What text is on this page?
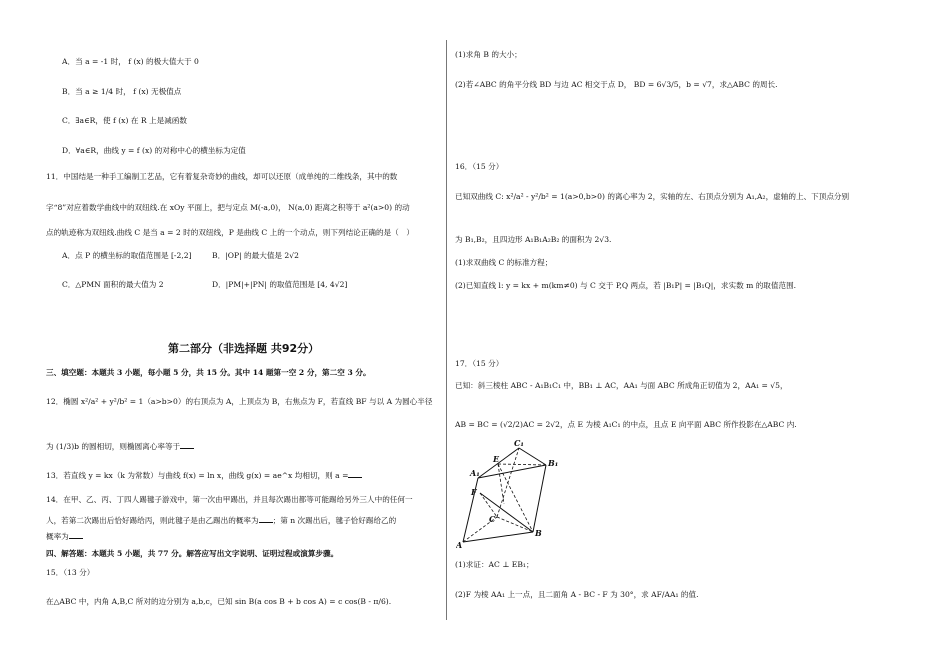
A．当 a = -1 时， f (x) 的极大值大于 0
B．当 a ≥ 1/4 时， f (x) 无极值点
C．∃a∈R，使 f (x) 在 R 上是减函数
D．∀a∈R，曲线 y = f (x) 的对称中心的横坐标为定值
11．中国结是一种手工编制工艺品，它有着复杂奇妙的曲线，却可以还原（成单纯的二维线条，其中的数
字“8”对应着数学曲线中的双纽线.在 xOy 平面上，把与定点 M(-a,0)， N(a,0) 距离之积等于 a²(a>0) 的动
点的轨迹称为双纽线.曲线 C 是当 a = 2 时的双纽线，P 是曲线 C 上的一个动点，则下列结论正确的是（　）
A．点 P 的横坐标的取值范围是 [-2,2]	B．|OP| 的最大值是 2√2
C．△PMN 面积的最大值为 2	D．|PM|+|PN| 的取值范围是 [4, 4√2]
第二部分（非选择题 共92分）
三、填空题：本题共 3 小题，每小题 5 分，共 15 分。其中 14 题第一空 2 分，第二空 3 分。
12．椭圆 x²/a² + y²/b² = 1（a>b>0）的右顶点为 A，上顶点为 B，右焦点为 F，若直线 BF 与以 A 为圆心半径
为 (1/3)b 的圆相切，则椭圆离心率等于
13．若直线 y = kx（k 为常数）与曲线 f(x) = ln x，曲线 g(x) = ae^x 均相切，则 a =
14．在甲、乙、丙、丁四人踢毽子游戏中，第一次由甲踢出，并且每次踢出都等可能踢给另外三人中的任何一
人，若第二次踢出后恰好踢给丙，则此毽子是由乙踢出的概率为 ；第 n 次踢出后，毽子恰好踢给乙的
概率为
四、解答题：本题共 5 小题，共 77 分。解答应写出文字说明、证明过程或演算步骤。
15．（13 分）
在△ABC 中，内角 A,B,C 所对的边分别为 a,b,c，已知 sin B(a cos B + b cos A) = c cos(B - π/6).
(1)求角 B 的大小；
(2)若∠ABC 的角平分线 BD 与边 AC 相交于点 D， BD = 6√3/5，b = √7，求△ABC 的周长.
16．（15 分）
已知双曲线 C: x²/a² - y²/b² = 1(a>0,b>0) 的离心率为 2，实轴的左、右顶点分别为 A₁,A₂，虚轴的上、下顶点分别
为 B₁,B₂，且四边形 A₁B₁A₂B₂ 的面积为 2√3.
(1)求双曲线 C 的标准方程；
(2)已知直线 l: y = kx + m(km≠0) 与 C 交于 P,Q 两点，若 |B₁P| = |B₁Q|，求实数 m 的取值范围.
17．（15 分）
已知：斜三棱柱 ABC - A₁B₁C₁ 中，BB₁ ⊥ AC，AA₁ 与面 ABC 所成角正切值为 2，AA₁ = √5，
AB = BC = (√2/2)AC = 2√2，点 E 为棱 A₁C₁ 的中点，且点 E 向平面 ABC 所作投影在△ABC 内.
(1)求证：AC ⊥ EB₁；
(2)F 为棱 AA₁ 上一点，且二面角 A - BC - F 为 30°，求 AF/AA₁ 的值.
C₁
E
A₁
B₁
F
C
B
A
